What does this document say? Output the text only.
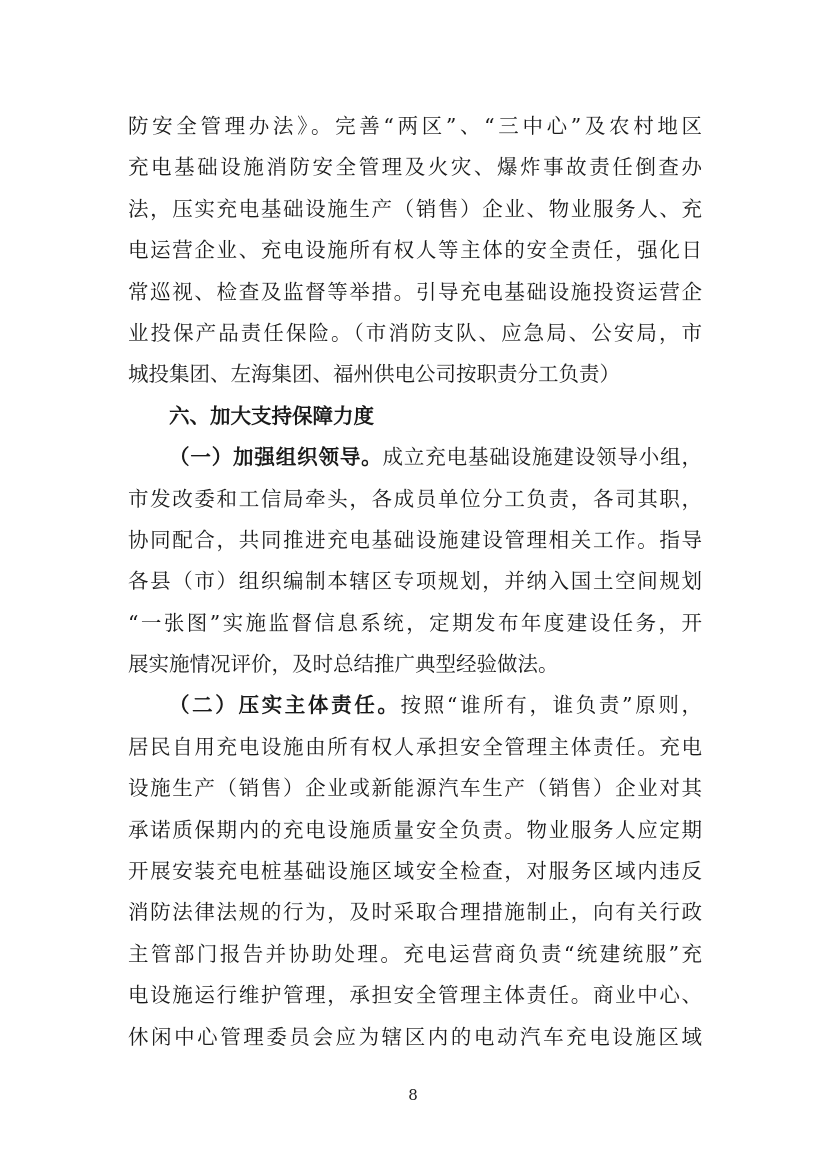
防安全管理办法》。完善“两区”、“三中心”及农村地区
充电基础设施消防安全管理及火灾、爆炸事故责任倒查办
法，压实充电基础设施生产（销售）企业、物业服务人、充
电运营企业、充电设施所有权人等主体的安全责任，强化日
常巡视、检查及监督等举措。引导充电基础设施投资运营企
业投保产品责任保险。（市消防支队、应急局、公安局，市
城投集团、左海集团、福州供电公司按职责分工负责）
六、加大支持保障力度
（一）加强组织领导。成立充电基础设施建设领导小组，
市发改委和工信局牵头，各成员单位分工负责，各司其职，
协同配合，共同推进充电基础设施建设管理相关工作。指导
各县（市）组织编制本辖区专项规划，并纳入国土空间规划
“一张图”实施监督信息系统，定期发布年度建设任务，开
展实施情况评价，及时总结推广典型经验做法。
（二）压实主体责任。按照“谁所有，谁负责”原则，
居民自用充电设施由所有权人承担安全管理主体责任。充电
设施生产（销售）企业或新能源汽车生产（销售）企业对其
承诺质保期内的充电设施质量安全负责。物业服务人应定期
开展安装充电桩基础设施区域安全检查，对服务区域内违反
消防法律法规的行为，及时采取合理措施制止，向有关行政
主管部门报告并协助处理。充电运营商负责“统建统服”充
电设施运行维护管理，承担安全管理主体责任。商业中心、
休闲中心管理委员会应为辖区内的电动汽车充电设施区域
8
